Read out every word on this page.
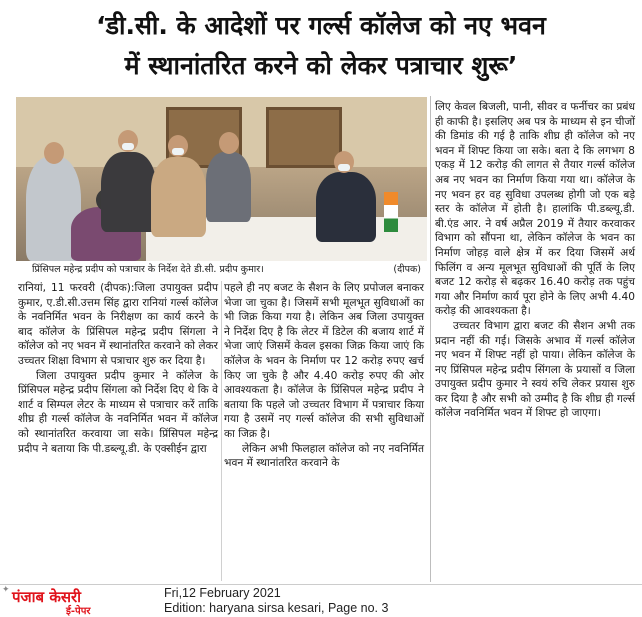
‘डी.सी. के आदेशों पर गर्ल्स कॉलेज को नए भवन
में स्थानांतरित करने को लेकर पत्राचार शुरू’
प्रिंसिपल महेन्द्र प्रदीप को पत्राचार के निर्देश देते डी.सी. प्रदीप कुमार।	(दीपक)

रानियां, 11 फरवरी (दीपक):जिला उपायुक्त प्रदीप कुमार, ए.डी.सी.उत्तम सिंह द्वारा रानियां गर्ल्स कॉलेज के नवनिर्मित भवन के निरीक्षण का कार्य करने के बाद कॉलेज के प्रिंसिपल महेन्द्र प्रदीप सिंगला ने कॉलेज को नए भवन में स्थानांतरित करवाने को लेकर उच्चतर शिक्षा विभाग से पत्राचार शुरु कर दिया है।

जिला उपायुक्त प्रदीप कुमार ने कॉलेज के प्रिंसिपल महेन्द्र प्रदीप सिंगला को निर्देश दिए थे कि वे शार्ट व सिम्पल लेटर के माध्यम से पत्राचार करें ताकि शीघ्र ही गर्ल्स कॉलेज के नवनिर्मित भवन में कॉलेज को स्थानांतरित करवाया जा सके। प्रिंसिपल महेन्द्र प्रदीप ने बताया कि पी.डब्ल्यू.डी. के एक्सीईन द्वारा

पहले ही नए बजट के सैशन के लिए प्रपोजल बनाकर भेजा जा चुका है। जिसमें सभी मूलभूत सुविधाओं का भी जिक्र किया गया है। लेकिन अब जिला उपायुक्त ने निर्देश दिए है कि लेटर में डिटेल की बजाय शार्ट में भेजा जाएं जिसमें केवल इसका जिक्र किया जाएं कि कॉलेज के भवन के निर्माण पर 12 करोड़ रुपए खर्च किए जा चुके है और 4.40 करोड़ रुपए की ओर आवश्यकता है। कॉलेज के प्रिंसिपल महेन्द्र प्रदीप ने बताया कि पहले जो उच्चतर विभाग में पत्राचार किया गया है उसमें नए गर्ल्स कॉलेज की सभी सुविधाओं का जिक्र है।

लेकिन अभी फिलहाल कॉलेज को नए नवनिर्मित भवन में स्थानांतरित करवाने के

लिए केवल बिजली, पानी, सीवर व फर्नीचर का प्रबंध ही काफी है। इसलिए अब पत्र के माध्यम से इन चीजों की डिमांड की गई है ताकि शीघ्र ही कॉलेज को नए भवन में शिफ्ट किया जा सके। बता दे कि लगभग 8 एकड़ में 12 करोड़ की लागत से तैयार गर्ल्स कॉलेज अब नए भवन का निर्माण किया गया था। कॉलेज के नए भवन हर वह सुविधा उपलब्ध होगी जो एक बड़े स्तर के कॉलेज में होती है। हालांकि पी.डब्ल्यू.डी. बी.एंड आर. ने वर्ष अप्रैल 2019 में तैयार करवाकर विभाग को सौंपना था, लेकिन कॉलेज के भवन का निर्माण जोहड़ वाले क्षेत्र में कर दिया जिसमें अर्थ फिलिंग व अन्य मूलभूत सुविधाओं की पूर्ति के लिए बजट 12 करोड़ से बढ़कर 16.40 करोड़ तक पहुंच गया और निर्माण कार्य पूरा होने के लिए अभी 4.40 करोड़ की आवश्यकता है।

उच्चतर विभाग द्वारा बजट की सैशन अभी तक प्रदान नहीं की गई। जिसके अभाव में गर्ल्स कॉलेज नए भवन में शिफ्ट नहीं हो पाया। लेकिन कॉलेज के नए प्रिंसिपल महेन्द्र प्रदीप सिंगला के प्रयासों व जिला उपायुक्त प्रदीप कुमार ने स्वयं रुचि लेकर प्रयास शुरु कर दिया है और सभी को उम्मीद है कि शीघ्र ही गर्ल्स कॉलेज नवनिर्मित भवन में शिफ्ट हो जाएगा।

✦ पंजाब केसरी
ई-पेपर
Fri,12 February 2021
Edition: haryana sirsa kesari, Page no. 3
